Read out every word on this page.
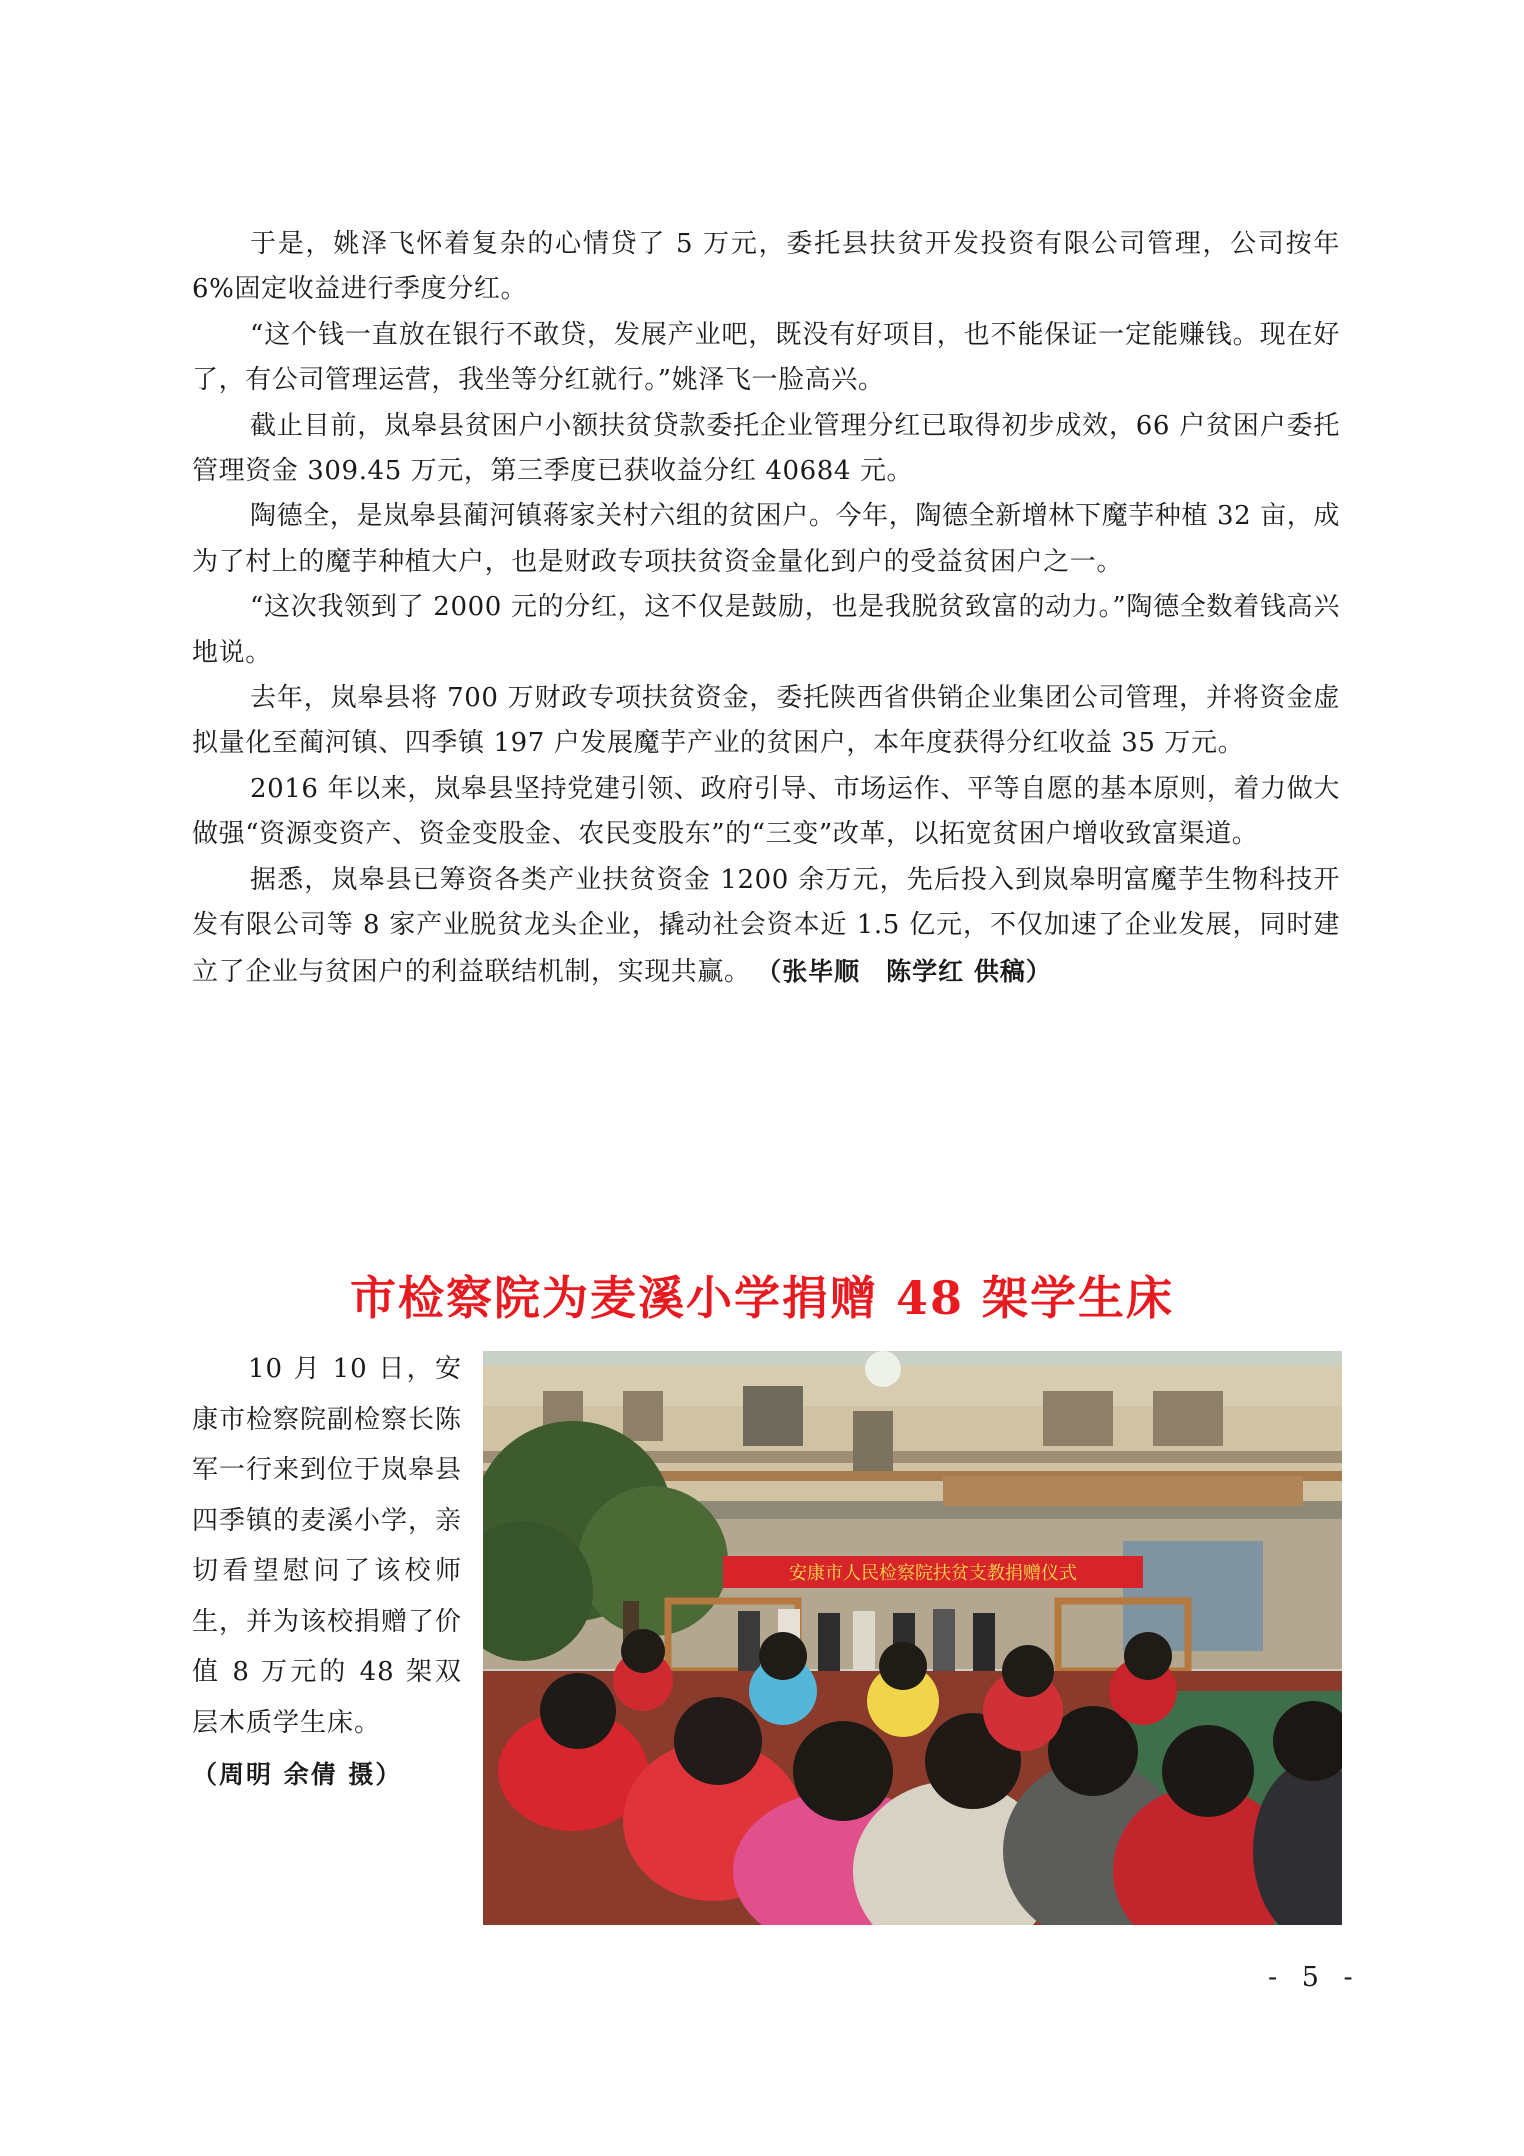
于是，姚泽飞怀着复杂的心情贷了 5 万元，委托县扶贫开发投资有限公司管理，公司按年 6%固定收益进行季度分红。

“这个钱一直放在银行不敢贷，发展产业吧，既没有好项目，也不能保证一定能赚钱。现在好了，有公司管理运营，我坐等分红就行。”姚泽飞一脸高兴。

截止目前，岚皋县贫困户小额扶贫贷款委托企业管理分红已取得初步成效，66 户贫困户委托管理资金 309.45 万元，第三季度已获收益分红 40684 元。

陶德全，是岚皋县蔺河镇蒋家关村六组的贫困户。今年，陶德全新增林下魔芋种植 32 亩，成为了村上的魔芋种植大户，也是财政专项扶贫资金量化到户的受益贫困户之一。

“这次我领到了 2000 元的分红，这不仅是鼓励，也是我脱贫致富的动力。”陶德全数着钱高兴地说。

去年，岚皋县将 700 万财政专项扶贫资金，委托陕西省供销企业集团公司管理，并将资金虚拟量化至蔺河镇、四季镇 197 户发展魔芋产业的贫困户，本年度获得分红收益 35 万元。

2016 年以来，岚皋县坚持党建引领、政府引导、市场运作、平等自愿的基本原则，着力做大做强“资源变资产、资金变股金、农民变股东”的“三变”改革，以拓宽贫困户增收致富渠道。

据悉，岚皋县已筹资各类产业扶贫资金 1200 余万元，先后投入到岚皋明富魔芋生物科技开发有限公司等 8 家产业脱贫龙头企业，撬动社会资本近 1.5 亿元，不仅加速了企业发展，同时建立了企业与贫困户的利益联结机制，实现共赢。 （张毕顺　陈学红 供稿）

市检察院为麦溪小学捐赠 48 架学生床

10 月 10 日，安康市检察院副检察长陈军一行来到位于岚皋县四季镇的麦溪小学，亲切看望慰问了该校师生，并为该校捐赠了价值 8 万元的 48 架双层木质学生床。

（周明 余倩 摄）

安康市人民检察院扶贫支教捐赠仪式
- 5 -
